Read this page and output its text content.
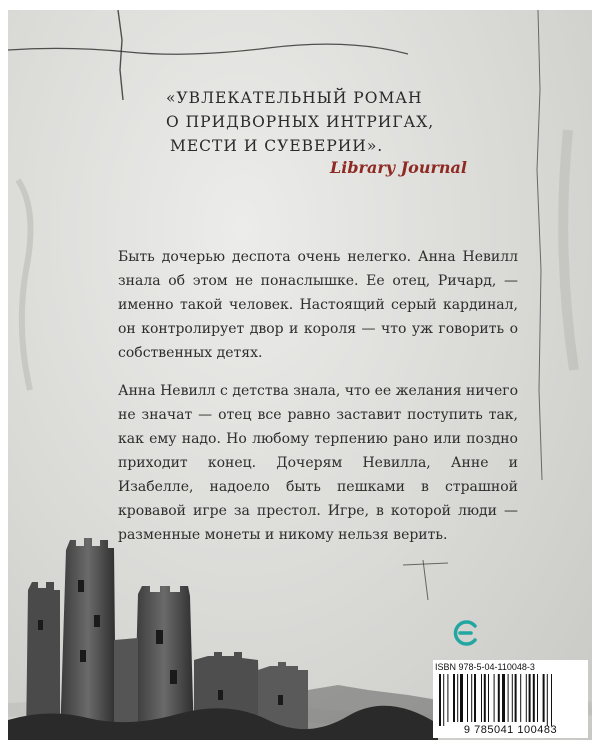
«УВЛЕКАТЕЛЬНЫЙ РОМАН
О ПРИДВОРНЫХ ИНТРИГАХ,
МЕСТИ И СУЕВЕРИИ».
Library Journal

Быть дочерью деспота очень нелегко. Анна Невилл знала об этом не понаслышке. Ее отец, Ричард, — именно такой человек. Настоящий серый кардинал, он контролирует двор и короля — что уж говорить о собственных детях.

Анна Невилл с детства знала, что ее желания ничего не значат — отец все равно заставит поступить так, как ему надо. Но любому терпению рано или поздно приходит конец. Дочерям Невилла, Анне и Изабелле, надоело быть пешками в страшной кровавой игре за престол. Игре, в которой люди — разменные монеты и никому нельзя верить.

ISBN 978-5-04-110048-3
9 785041 100483
